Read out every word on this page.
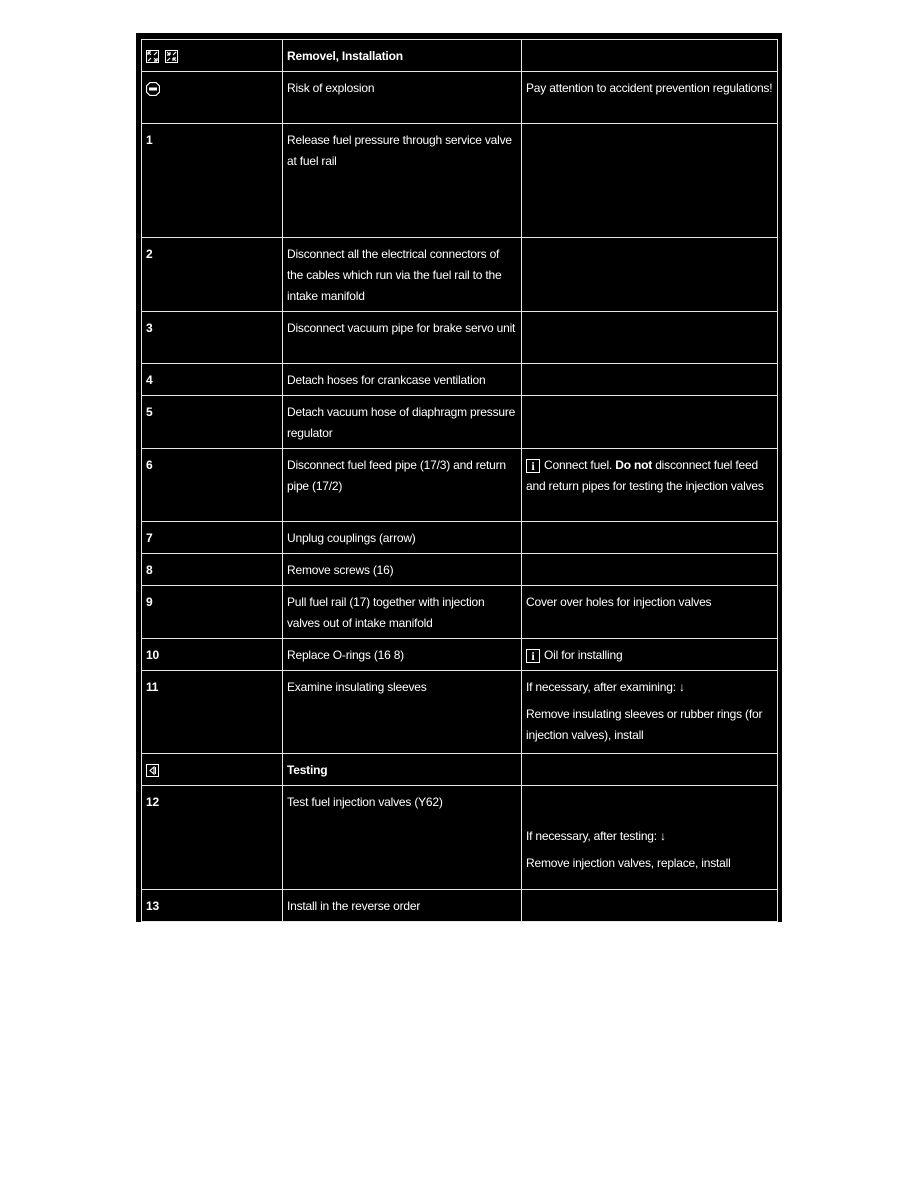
	Removel, Installation	
	Risk of explosion	Pay attention to accident prevention regulations!
1	Release fuel pressure through service valve at fuel rail	
2	Disconnect all the electrical connectors of the cables which run via the fuel rail to the intake manifold	
3	Disconnect vacuum pipe for brake servo unit	
4	Detach hoses for crankcase ventilation	
5	Detach vacuum hose of diaphragm pressure regulator	
6	Disconnect fuel feed pipe (17/3) and return pipe (17/2)	i Connect fuel. Do not disconnect fuel feed and return pipes for testing the injection valves
7	Unplug couplings (arrow)	
8	Remove screws (16)	
9	Pull fuel rail (17) together with injection valves out of intake manifold	Cover over holes for injection valves
10	Replace O-rings (16 8)	i Oil for installing
11	Examine insulating sleeves	If necessary, after examining: ↓
Remove insulating sleeves or rubber rings (for injection valves), install

	Testing	
12	Test fuel injection valves (Y62)	If necessary, after testing: ↓
Remove injection valves, replace, install

13	Install in the reverse order	
